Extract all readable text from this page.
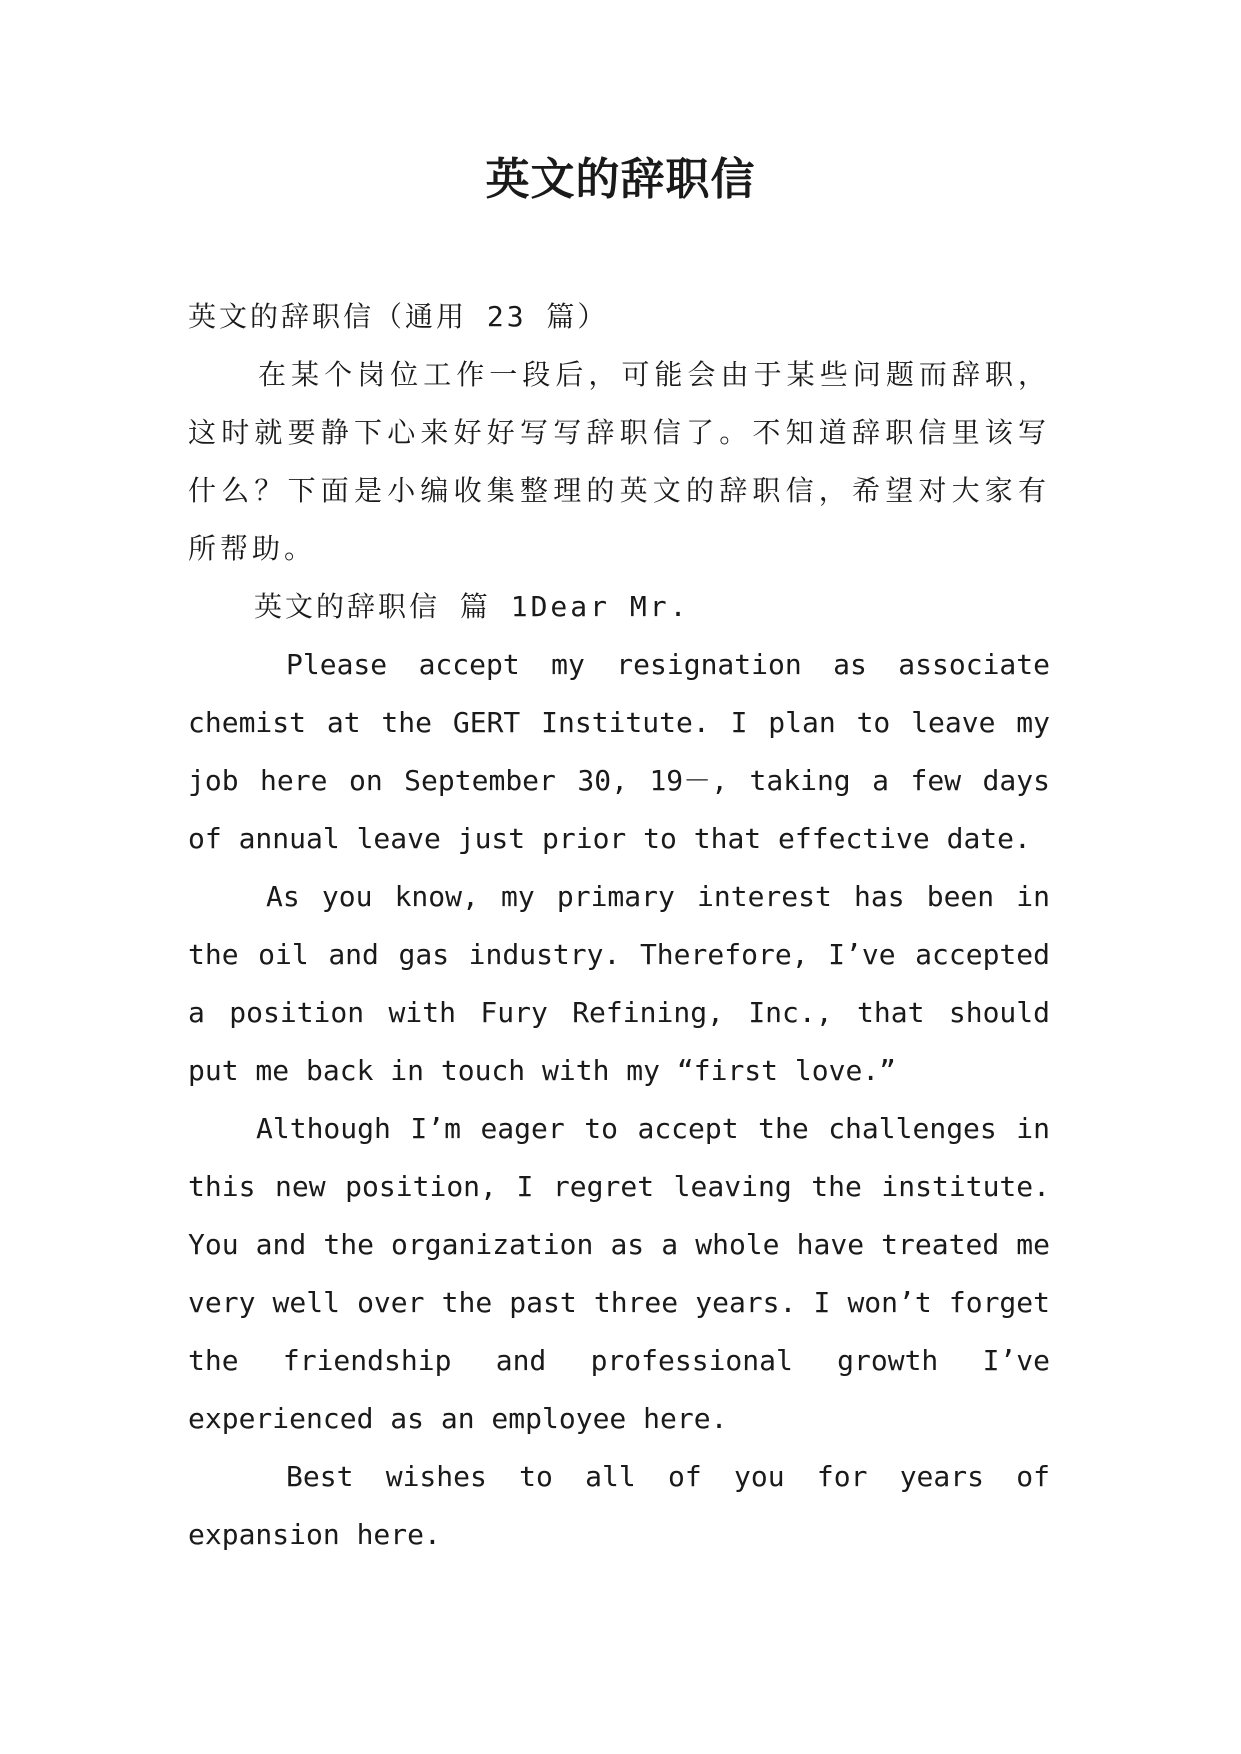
英文的辞职信

英文的辞职信（通用 23 篇）

在某个岗位工作一段后，可能会由于某些问题而辞职，这时就要静下心来好好写写辞职信了。不知道辞职信里该写什么？下面是小编收集整理的英文的辞职信，希望对大家有所帮助。

英文的辞职信 篇 1Dear Mr.

Please accept my resignation as associate chemist at the GERT Institute. I plan to leave my job here on September 30, 19－, taking a few days of annual leave just prior to that effective date.

As you know, my primary interest has been in the oil and gas industry. Therefore, I’ve accepted a position with Fury Refining, Inc., that should put me back in touch with my “first love.”

Although I’m eager to accept the challenges in this new position, I regret leaving the institute. You and the organization as a whole have treated me very well over the past three years. I won’t forget the friendship and professional growth I’ve experienced as an employee here.

Best wishes to all of you for years of expansion here.
